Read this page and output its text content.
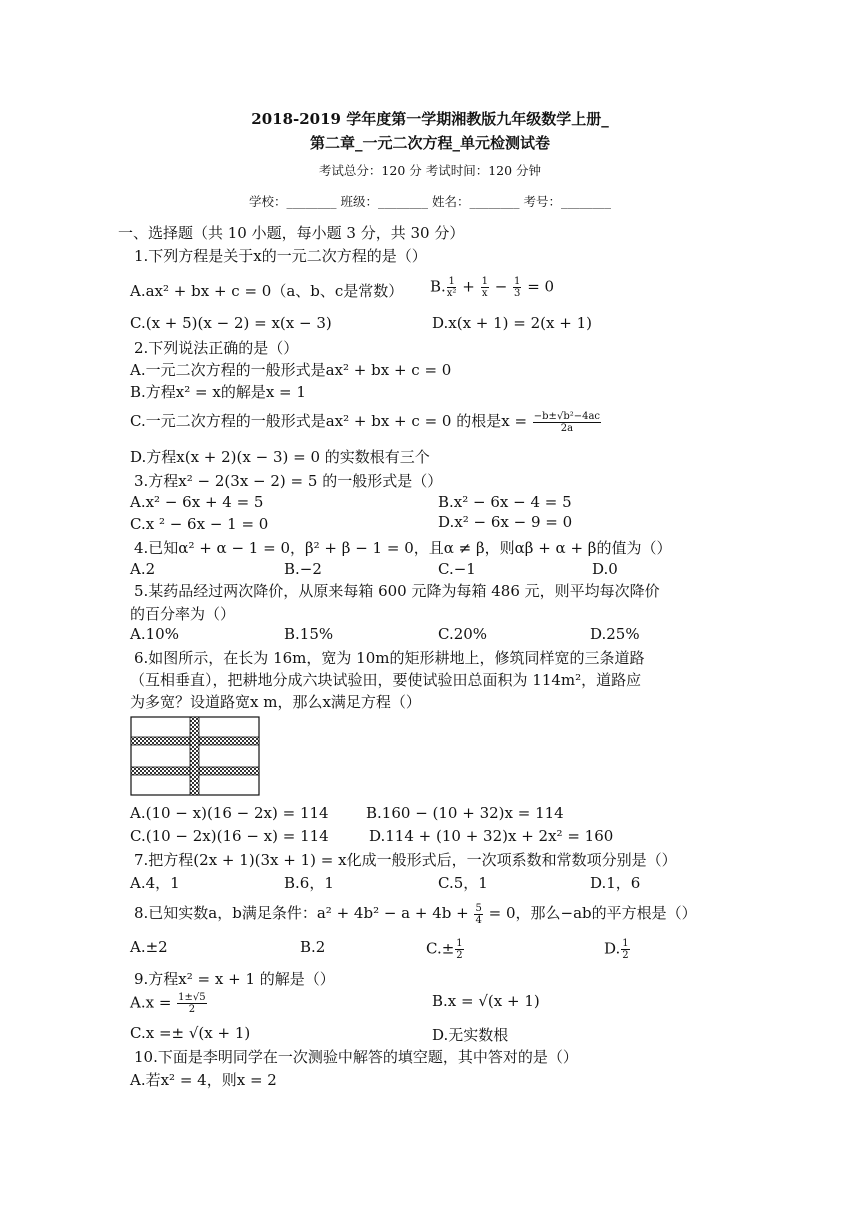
2018-2019 学年度第一学期湘教版九年级数学上册_
第二章_一元二次方程_单元检测试卷
考试总分：120 分 考试时间：120 分钟
学校：________ 班级：________ 姓名：________ 考号：________
一、选择题（共 10 小题，每小题 3 分，共 30 分）
1.下列方程是关于x的一元二次方程的是（）
A.ax² + bx + c = 0（a、b、c是常数） B. $\frac{1}{\text{x²}} + \frac{1}{x} - \frac{1}{3} = 0$
C.(x + 5)(x − 2) = x(x − 3)	D.x(x + 1) = 2(x + 1)
2.下列说法正确的是（）
A.一元二次方程的一般形式是ax² + bx + c = 0
B.方程x² = x的解是x = 1
C.一元二次方程的一般形式是ax² + bx + c = 0 的根是$x = \frac{\text{−b±√b²−4ac}}{2a}$
D.方程x(x + 2)(x − 3) = 0 的实数根有三个
3.方程x² − 2(3x − 2) = 5 的一般形式是（）
A.x² − 6x + 4 = 5	B.x² − 6x − 4 = 5
C.x ² − 6x − 1 = 0	D.x² − 6x − 9 = 0
4.已知α² + α − 1 = 0，β² + β − 1 = 0，且α ≠ β，则αβ + α + β的值为（）
A.2	B.−2	C.−1	D.0
5.某药品经过两次降价，从原来每箱 600 元降为每箱 486 元，则平均每次降价
的百分率为（）
A.10%	B.15%	C.20%	D.25%
6.如图所示，在长为 16m，宽为 10m的矩形耕地上，修筑同样宽的三条道路
（互相垂直），把耕地分成六块试验田，要使试验田总面积为 114m²，道路应
为多宽？设道路宽x m，那么x满足方程（）
A.(10 − x)(16 − 2x) = 114 B.160 − (10 + 32)x = 114
C.(10 − 2x)(16 − x) = 114	D.114 + (10 + 32)x + 2x² = 160
7.把方程(2x + 1)(3x + 1) = x化成一般形式后，一次项系数和常数项分别是（）
A.4，1	B.6，1	C.5，1	D.1，6
8.已知实数a，b满足条件：$a^2 + 4b^2 - a + 4b + \frac{5}{4} = 0$，那么−ab的平方根是（）
A.±2	B.2	$C.\pm \frac{1}{2}$	D. $\frac{1}{2}$
9.方程x² = x + 1 的解是（）
$A.x = \frac{1\pm√5}{2}$	B.x = √(x + 1)
C.x =± √(x + 1)	D.无实数根
10.下面是李明同学在一次测验中解答的填空题，其中答对的是（）
A.若x² = 4，则x = 2
